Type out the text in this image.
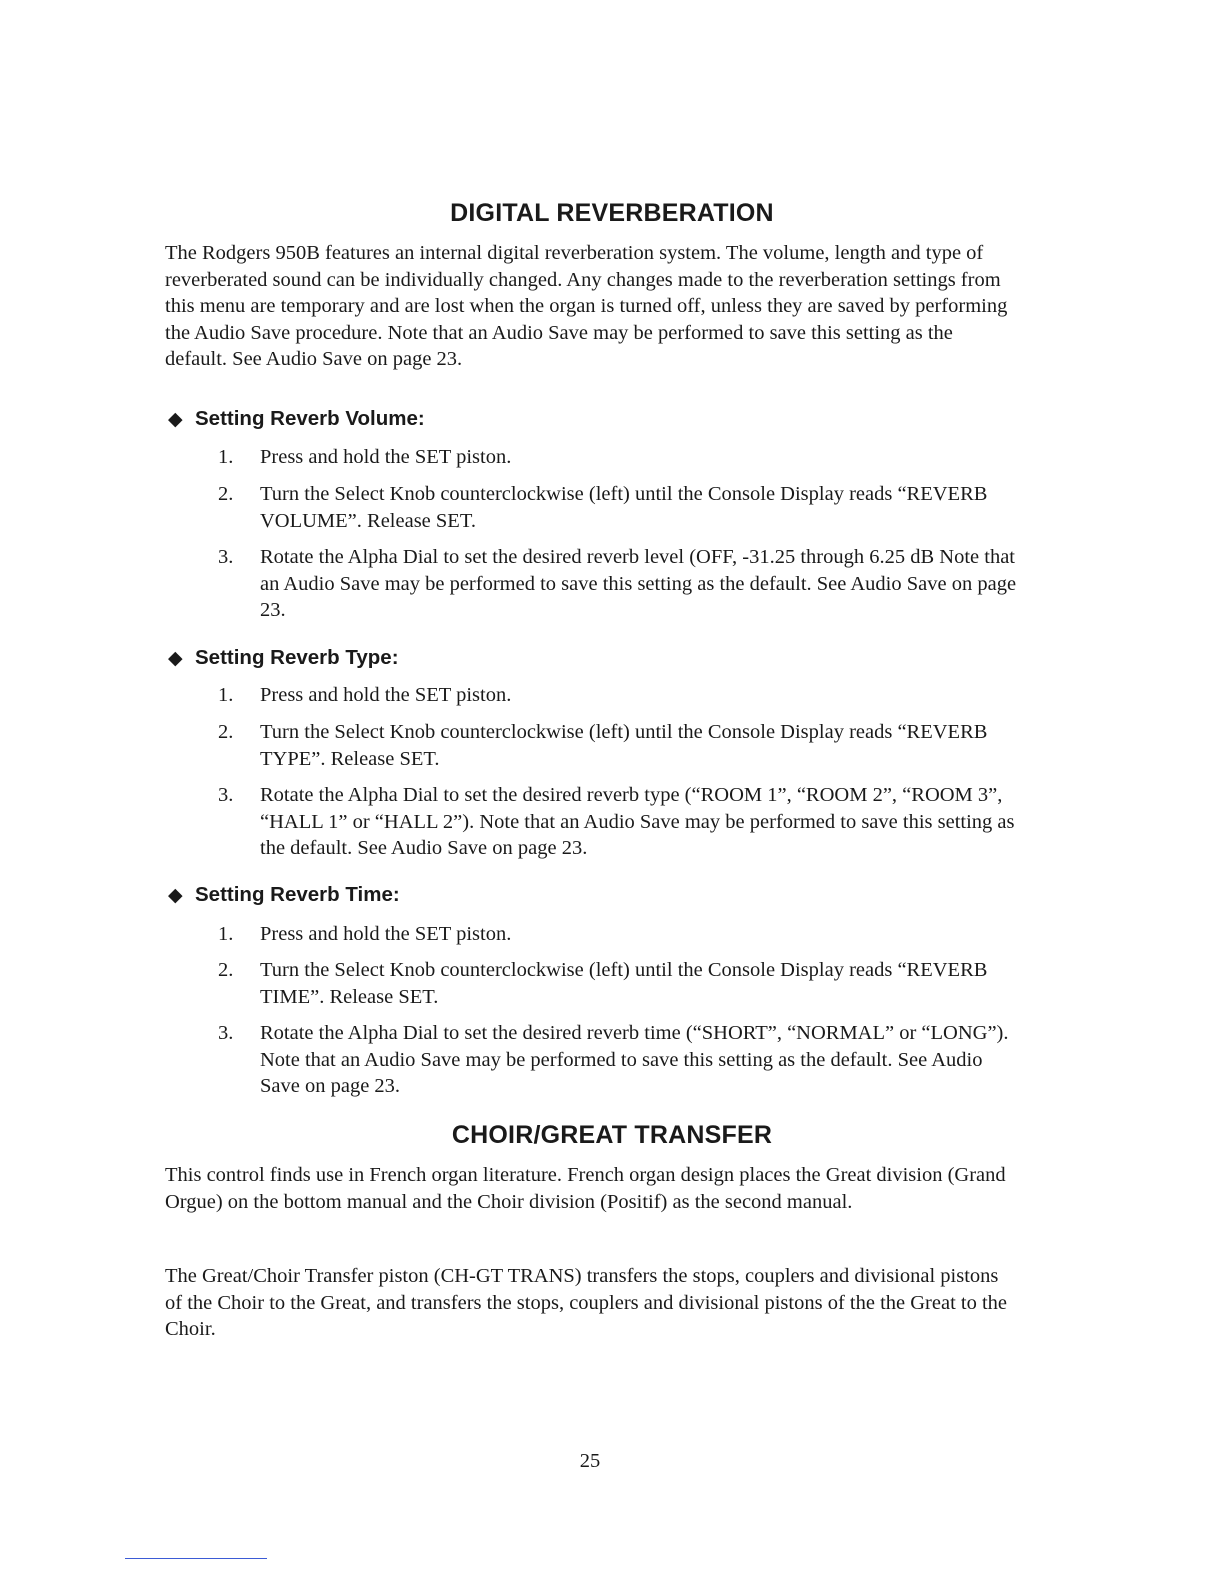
DIGITAL REVERBERATION

The Rodgers 950B features an internal digital reverberation system. The volume, length and type of reverberated sound can be individually changed. Any changes made to the reverberation settings from this menu are temporary and are lost when the organ is turned off, unless they are saved by performing the Audio Save procedure. Note that an Audio Save may be performed to save this setting as the default. See Audio Save on page 23.

◆ Setting Reverb Volume:
1.	Press and hold the SET piston.
2.	Turn the Select Knob counterclockwise (left) until the Console Display reads “REVERB VOLUME”. Release SET.
3.	Rotate the Alpha Dial to set the desired reverb level (OFF, -31.25 through 6.25 dB Note that an Audio Save may be performed to save this setting as the default. See Audio Save on page 23.
◆ Setting Reverb Type:
1.	Press and hold the SET piston.
2.	Turn the Select Knob counterclockwise (left) until the Console Display reads “REVERB TYPE”. Release SET.
3.	Rotate the Alpha Dial to set the desired reverb type (“ROOM 1”, “ROOM 2”, “ROOM 3”, “HALL 1” or “HALL 2”). Note that an Audio Save may be performed to save this setting as the default. See Audio Save on page 23.
◆ Setting Reverb Time:
1.	Press and hold the SET piston.
2.	Turn the Select Knob counterclockwise (left) until the Console Display reads “REVERB TIME”. Release SET.
3.	Rotate the Alpha Dial to set the desired reverb time (“SHORT”, “NORMAL” or “LONG”). Note that an Audio Save may be performed to save this setting as the default. See Audio Save on page 23.
CHOIR/GREAT TRANSFER

This control finds use in French organ literature. French organ design places the Great division (Grand Orgue) on the bottom manual and the Choir division (Positif) as the second manual.

The Great/Choir Transfer piston (CH-GT TRANS) transfers the stops, couplers and divisional pistons of the Choir to the Great, and transfers the stops, couplers and divisional pistons of the the Great to the Choir.

25
